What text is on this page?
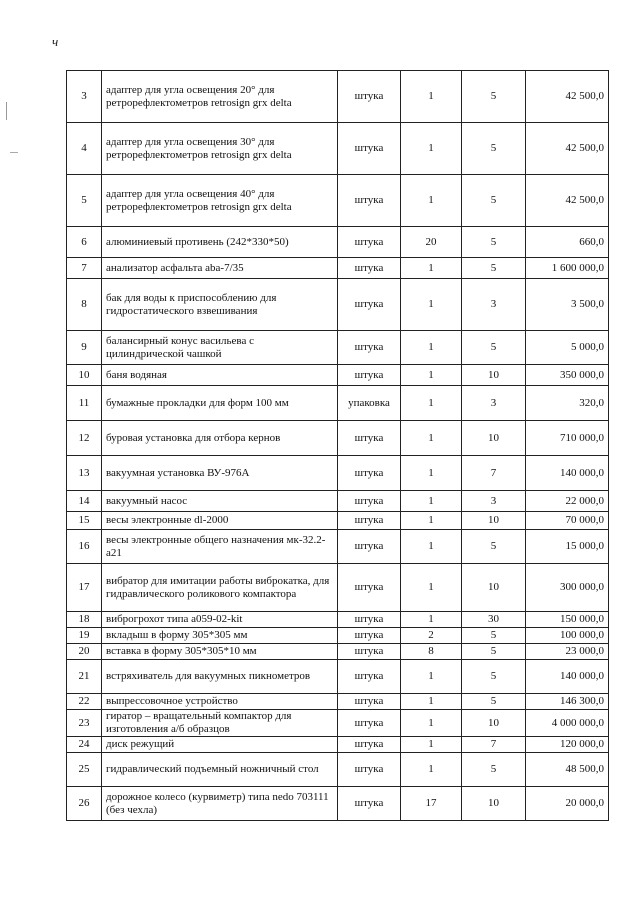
ч
3	адаптер для угла освещения 20° для ретрорефлектометров retrosign grx delta	штука	1	5	42 500,0
4	адаптер для угла освещения 30° для ретрорефлектометров retrosign grx delta	штука	1	5	42 500,0
5	адаптер для угла освещения 40° для ретрорефлектометров retrosign grx delta	штука	1	5	42 500,0
6	алюминиевый противень (242*330*50)	штука	20	5	660,0
7	анализатор асфальта aba-7/35	штука	1	5	1 600 000,0
8	бак для воды к приспособлению для гидростатического взвешивания	штука	1	3	3 500,0
9	балансирный конус васильева с цилиндрической чашкой	штука	1	5	5 000,0
10	баня водяная	штука	1	10	350 000,0
11	бумажные прокладки для форм 100 мм	упаковка	1	3	320,0
12	буровая установка для отбора кернов	штука	1	10	710 000,0
13	вакуумная установка ВУ-976А	штука	1	7	140 000,0
14	вакуумный насос	штука	1	3	22 000,0
15	весы электронные dl-2000	штука	1	10	70 000,0
16	весы электронные общего назначения мк-32.2-а21	штука	1	5	15 000,0
17	вибратор для имитации работы виброкатка, для гидравлического роликового компактора	штука	1	10	300 000,0
18	виброгрохот типа а059-02-kit	штука	1	30	150 000,0
19	вкладыш в форму 305*305 мм	штука	2	5	100 000,0
20	вставка в форму 305*305*10 мм	штука	8	5	23 000,0
21	встряхиватель для вакуумных пикнометров	штука	1	5	140 000,0
22	выпрессовочное устройство	штука	1	5	146 300,0
23	гиратор – вращательный компактор для изготовления а/б образцов	штука	1	10	4 000 000,0
24	диск режущий	штука	1	7	120 000,0
25	гидравлический подъемный ножничный стол	штука	1	5	48 500,0
26	дорожное колесо (курвиметр) типа nedo 703111 (без чехла)	штука	17	10	20 000,0
